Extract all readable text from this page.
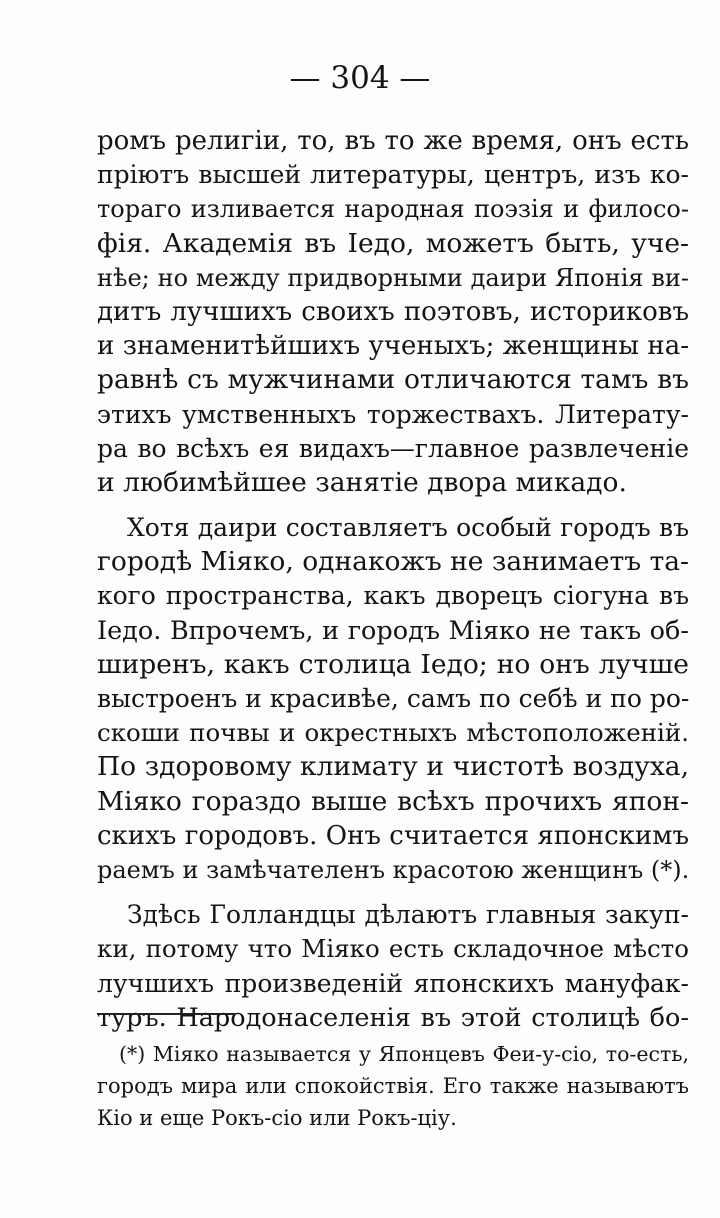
— 304 —
ромъ религіи, то, въ то же время, онъ есть
пріютъ высшей литературы, центръ, изъ ко-
тораго изливается народная поэзія и филосо-
фія. Академія въ Іедо, можетъ быть, уче-
нѣе; но между придворными даири Японія ви-
дитъ лучшихъ своихъ поэтовъ, историковъ
и знаменитѣйшихъ ученыхъ; женщины на-
равнѣ съ мужчинами отличаются тамъ въ
этихъ умственныхъ торжествахъ. Литерату-
ра во всѣхъ ея видахъ—главное развлеченіе
и любимѣйшее занятіе двора микадо.
Хотя даири составляетъ особый городъ въ
городѣ Міяко, однакожъ не занимаетъ та-
кого пространства, какъ дворецъ сіогуна въ
Іедо. Впрочемъ, и городъ Міяко не такъ об-
ширенъ, какъ столица Іедо; но онъ лучше
выстроенъ и красивѣе, самъ по себѣ и по ро-
скоши почвы и окрестныхъ мѣстоположеній.
По здоровому климату и чистотѣ воздуха,
Міяко гораздо выше всѣхъ прочихъ япон-
скихъ городовъ. Онъ считается японскимъ
раемъ и замѣчателенъ красотою женщинъ (*).
Здѣсь Голландцы дѣлаютъ главныя закуп-
ки, потому что Міяко есть складочное мѣсто
лучшихъ произведеній японскихъ мануфак-
туръ. Народонаселенія въ этой столицѣ бо-
(*) Міяко называется у Японцевъ Феи-у-сіо, то-есть,
городъ мира или спокойствія. Его также называютъ
Кіо и еще Рокъ-сіо или Рокъ-ціу.
